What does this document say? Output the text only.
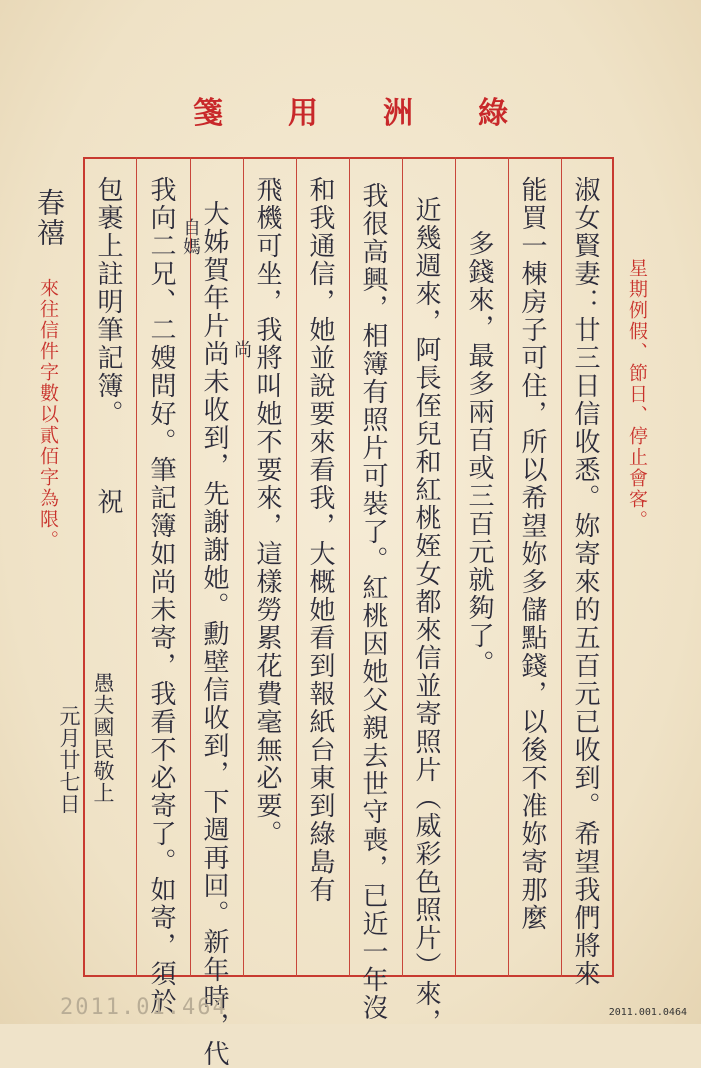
箋	用	洲	綠
星期例假、節日、停止會客。
來往信件字數以貳佰字為限。
春禧	淑女賢妻：廿三日信收悉。妳寄來的五百元已收到。希望我們將來
能買一棟房子可住，所以希望妳多儲點錢，以後不准妳寄那麼
多錢來，最多兩百或三百元就夠了。
近幾週來，阿長侄兒和紅桃姪女都來信並寄照片（威彩色照片）來，
我很高興，相簿有照片可裝了。紅桃因她父親去世守喪，已近一年沒
和我通信，她並說要來看我，大概她看到報紙台東到綠島有
飛機可坐，我將叫她不要來，這樣勞累花費毫無必要。
大姊賀年片尚未收到，先謝謝她。勳壁信收到，下週再回。新年時，代
我向二兄、二嫂問好。筆記簿如尚未寄，我看不必寄了。如寄，須於
包裹上註明筆記簿。	自媽
尚
祝
愚夫國民敬上
元月廿七日
2011.01.464	2011.001.0464
